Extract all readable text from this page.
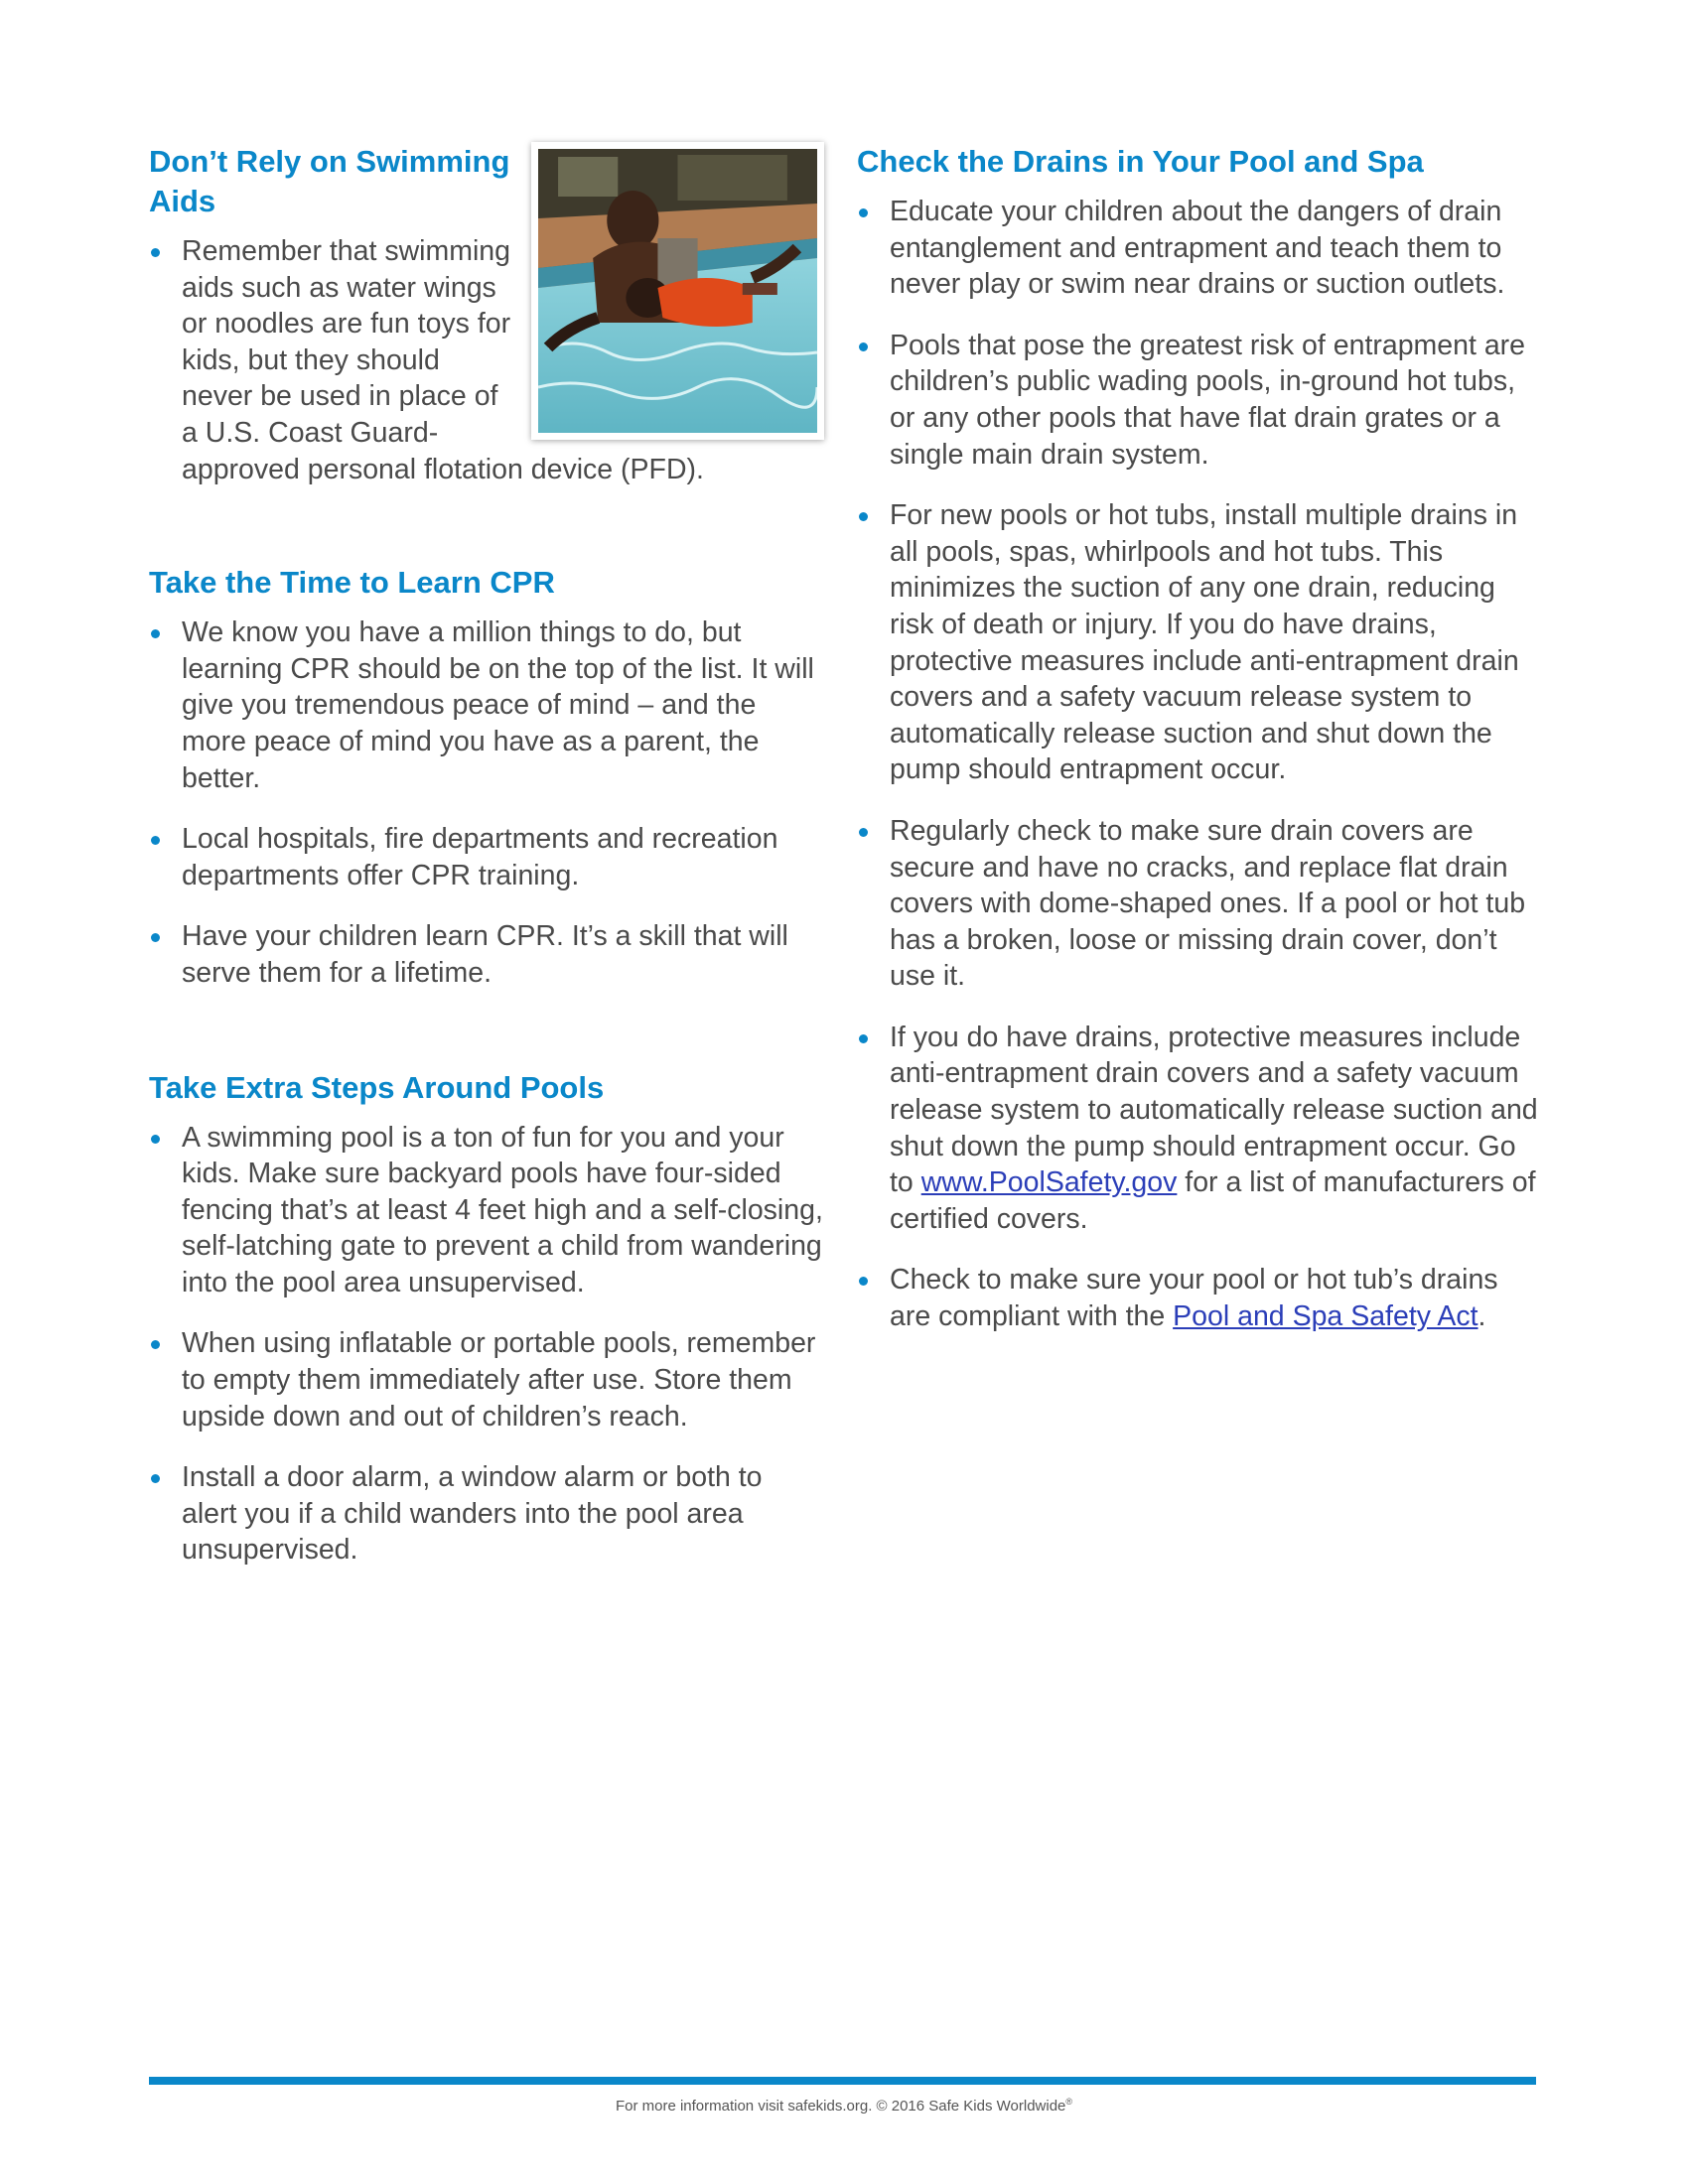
Don’t Rely on Swimming Aids
Remember that swimming aids such as water wings or noodles are fun toys for kids, but they should never be used in place of a U.S. Coast Guard-approved personal flotation device (PFD).
Take the Time to Learn CPR
We know you have a million things to do, but learning CPR should be on the top of the list. It will give you tremendous peace of mind – and the more peace of mind you have as a parent, the better.
Local hospitals, fire departments and recreation departments offer CPR training.
Have your children learn CPR. It’s a skill that will serve them for a lifetime.
Take Extra Steps Around Pools
A swimming pool is a ton of fun for you and your kids. Make sure backyard pools have four-sided fencing that’s at least 4 feet high and a self-closing, self-latching gate to prevent a child from wandering into the pool area unsupervised.
When using inflatable or portable pools, remember to empty them immediately after use. Store them upside down and out of children’s reach.
Install a door alarm, a window alarm or both to alert you if a child wanders into the pool area unsupervised.
Check the Drains in Your Pool and Spa
Educate your children about the dangers of drain entanglement and entrapment and teach them to never play or swim near drains or suction outlets.
Pools that pose the greatest risk of entrapment are children’s public wading pools, in-ground hot tubs, or any other pools that have flat drain grates or a single main drain system.
For new pools or hot tubs, install multiple drains in all pools, spas, whirlpools and hot tubs. This minimizes the suction of any one drain, reducing risk of death or injury. If you do have drains, protective measures include anti-entrapment drain covers and a safety vacuum release system to automatically release suction and shut down the pump should entrapment occur.
Regularly check to make sure drain covers are secure and have no cracks, and replace flat drain covers with dome-shaped ones. If a pool or hot tub has a broken, loose or missing drain cover, don’t use it.
If you do have drains, protective measures include anti-entrapment drain covers and a safety vacuum release system to automatically release suction and shut down the pump should entrapment occur. Go to www.PoolSafety.gov for a list of manufacturers of certified covers.
Check to make sure your pool or hot tub’s drains are compliant with the Pool and Spa Safety Act.
For more information visit safekids.org. © 2016 Safe Kids Worldwide®
